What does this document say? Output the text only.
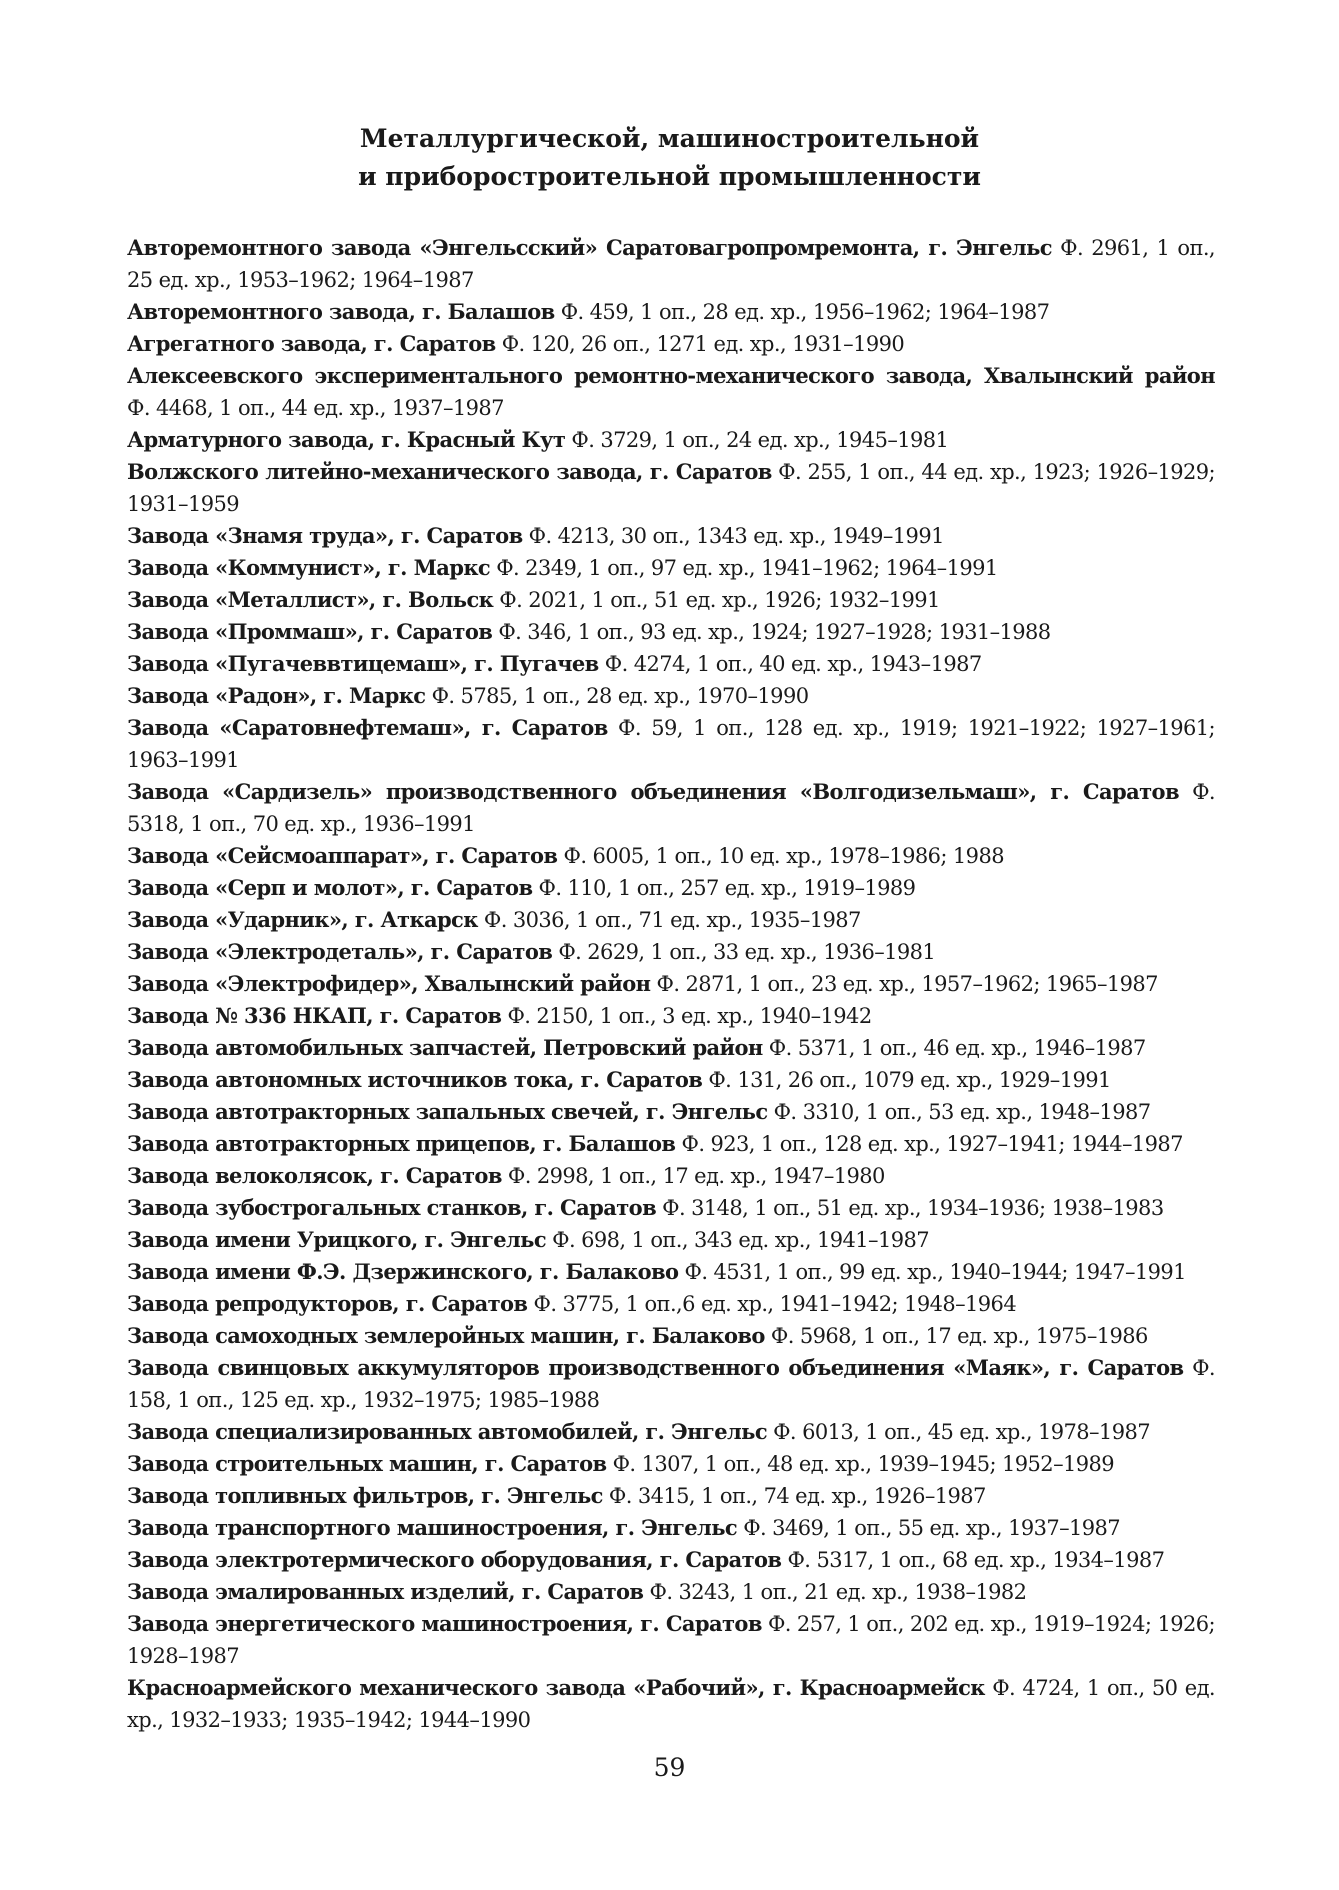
Металлургической, машиностроительной
и приборостроительной промышленности

Авторемонтного завода «Энгельсский» Саратовагропромремонта, г. Энгельс Ф. 2961, 1 оп., 25 ед. хр., 1953–1962; 1964–1987

Авторемонтного завода, г. Балашов Ф. 459, 1 оп., 28 ед. хр., 1956–1962; 1964–1987

Агрегатного завода, г. Саратов Ф. 120, 26 оп., 1271 ед. хр., 1931–1990

Алексеевского экспериментального ремонтно-механического завода, Хвалынский район Ф. 4468, 1 оп., 44 ед. хр., 1937–1987

Арматурного завода, г. Красный Кут Ф. 3729, 1 оп., 24 ед. хр., 1945–1981

Волжского литейно-механического завода, г. Саратов Ф. 255, 1 оп., 44 ед. хр., 1923; 1926–1929; 1931–1959

Завода «Знамя труда», г. Саратов Ф. 4213, 30 оп., 1343 ед. хр., 1949–1991

Завода «Коммунист», г. Маркс Ф. 2349, 1 оп., 97 ед. хр., 1941–1962; 1964–1991

Завода «Металлист», г. Вольск Ф. 2021, 1 оп., 51 ед. хр., 1926; 1932–1991

Завода «Проммаш», г. Саратов Ф. 346, 1 оп., 93 ед. хр., 1924; 1927–1928; 1931–1988

Завода «Пугачеввтицемаш», г. Пугачев Ф. 4274, 1 оп., 40 ед. хр., 1943–1987

Завода «Радон», г. Маркс Ф. 5785, 1 оп., 28 ед. хр., 1970–1990

Завода «Саратовнефтемаш», г. Саратов Ф. 59, 1 оп., 128 ед. хр., 1919; 1921–1922; 1927–1961; 1963–1991

Завода «Сардизель» производственного объединения «Волгодизельмаш», г. Саратов Ф. 5318, 1 оп., 70 ед. хр., 1936–1991

Завода «Сейсмоаппарат», г. Саратов Ф. 6005, 1 оп., 10 ед. хр., 1978–1986; 1988

Завода «Серп и молот», г. Саратов Ф. 110, 1 оп., 257 ед. хр., 1919–1989

Завода «Ударник», г. Аткарск Ф. 3036, 1 оп., 71 ед. хр., 1935–1987

Завода «Электродеталь», г. Саратов Ф. 2629, 1 оп., 33 ед. хр., 1936–1981

Завода «Электрофидер», Хвалынский район Ф. 2871, 1 оп., 23 ед. хр., 1957–1962; 1965–1987

Завода № 336 НКАП, г. Саратов Ф. 2150, 1 оп., 3 ед. хр., 1940–1942

Завода автомобильных запчастей, Петровский район Ф. 5371, 1 оп., 46 ед. хр., 1946–1987

Завода автономных источников тока, г. Саратов Ф. 131, 26 оп., 1079 ед. хр., 1929–1991

Завода автотракторных запальных свечей, г. Энгельс Ф. 3310, 1 оп., 53 ед. хр., 1948–1987

Завода автотракторных прицепов, г. Балашов Ф. 923, 1 оп., 128 ед. хр., 1927–1941; 1944–1987

Завода велоколясок, г. Саратов Ф. 2998, 1 оп., 17 ед. хр., 1947–1980

Завода зубострогальных станков, г. Саратов Ф. 3148, 1 оп., 51 ед. хр., 1934–1936; 1938–1983

Завода имени Урицкого, г. Энгельс Ф. 698, 1 оп., 343 ед. хр., 1941–1987

Завода имени Ф.Э. Дзержинского, г. Балаково Ф. 4531, 1 оп., 99 ед. хр., 1940–1944; 1947–1991

Завода репродукторов, г. Саратов Ф. 3775, 1 оп.,6 ед. хр., 1941–1942; 1948–1964

Завода самоходных землеройных машин, г. Балаково Ф. 5968, 1 оп., 17 ед. хр., 1975–1986

Завода свинцовых аккумуляторов производственного объединения «Маяк», г. Саратов Ф. 158, 1 оп., 125 ед. хр., 1932–1975; 1985–1988

Завода специализированных автомобилей, г. Энгельс Ф. 6013, 1 оп., 45 ед. хр., 1978–1987

Завода строительных машин, г. Саратов Ф. 1307, 1 оп., 48 ед. хр., 1939–1945; 1952–1989

Завода топливных фильтров, г. Энгельс Ф. 3415, 1 оп., 74 ед. хр., 1926–1987

Завода транспортного машиностроения, г. Энгельс Ф. 3469, 1 оп., 55 ед. хр., 1937–1987

Завода электротермического оборудования, г. Саратов Ф. 5317, 1 оп., 68 ед. хр., 1934–1987

Завода эмалированных изделий, г. Саратов Ф. 3243, 1 оп., 21 ед. хр., 1938–1982

Завода энергетического машиностроения, г. Саратов Ф. 257, 1 оп., 202 ед. хр., 1919–1924; 1926; 1928–1987

Красноармейского механического завода «Рабочий», г. Красноармейск Ф. 4724, 1 оп., 50 ед. хр., 1932–1933; 1935–1942; 1944–1990

59
